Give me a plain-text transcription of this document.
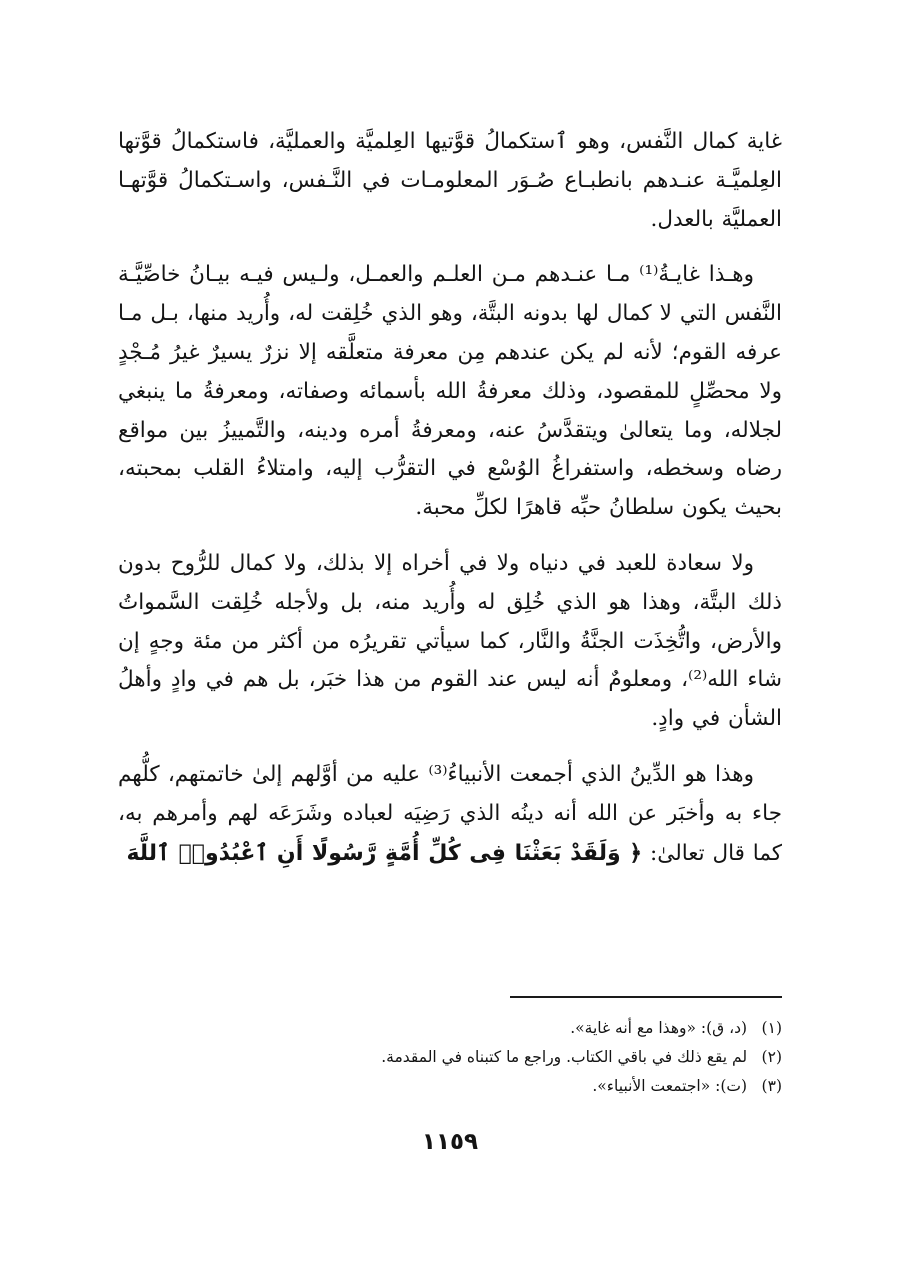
غاية كمال النَّفس، وهو ٱستكمالُ قوَّتيها العِلميَّة والعمليَّة، فاستكمالُ قوَّتها العِلميَّـة عنـدهم بانطبـاع صُـوَر المعلومـات في النَّـفس، واسـتكمالُ قوَّتهـا العمليَّة بالعدل.

وهـذا غايـةُ⁽¹⁾ مـا عنـدهم مـن العلـم والعمـل، ولـيس فيـه بيـانُ خاصِّيَّـة النَّفس التي لا كمال لها بدونه البتَّة، وهو الذي خُلِقت له، وأُريد منها، بـل مـا عرفه القوم؛ لأنه لم يكن عندهم مِن معرفة متعلَّقه إلا نزرٌ يسيرٌ غيرُ مُـجْدٍ ولا محصِّلٍ للمقصود، وذلك معرفةُ الله بأسمائه وصفاته، ومعرفةُ ما ينبغي لجلاله، وما يتعالىٰ ويتقدَّسُ عنه، ومعرفةُ أمره ودينه، والتَّمييزُ بين مواقع رضاه وسخطه، واستفراغُ الوُسْع في التقرُّب إليه، وامتلاءُ القلب بمحبته، بحيث يكون سلطانُ حبِّه قاهرًا لكلِّ محبة.

ولا سعادة للعبد في دنياه ولا في أخراه إلا بذلك، ولا كمال للرُّوح بدون ذلك البتَّة، وهذا هو الذي خُلِق له وأُريد منه، بل ولأجله خُلِقت السَّمواتُ والأرض، واتُّخِذَت الجنَّةُ والنَّار، كما سيأتي تقريرُه من أكثر من مئة وجهٍ إن شاء الله⁽²⁾، ومعلومٌ أنه ليس عند القوم من هذا خبَر، بل هم في وادٍ وأهلُ الشأن في وادٍ.

وهذا هو الدِّينُ الذي أجمعت الأنبياءُ⁽³⁾ عليه من أوَّلهم إلىٰ خاتمتهم، كلُّهم جاء به وأخبَر عن الله أنه دينُه الذي رَضِيَه لعباده وشَرَعَه لهم وأمرهم به، كما قال تعالىٰ: ﴿ وَلَقَدْ بَعَثْنَا فِى كُلِّ أُمَّةٍ رَّسُولًا أَنِ ٱعْبُدُوا۟ ٱللَّهَ

(١) (د، ق): «وهذا مع أنه غاية».

(٢) لم يقع ذلك في باقي الكتاب. وراجع ما كتبناه في المقدمة.

(٣) (ت): «اجتمعت الأنبياء».

١١٥٩
